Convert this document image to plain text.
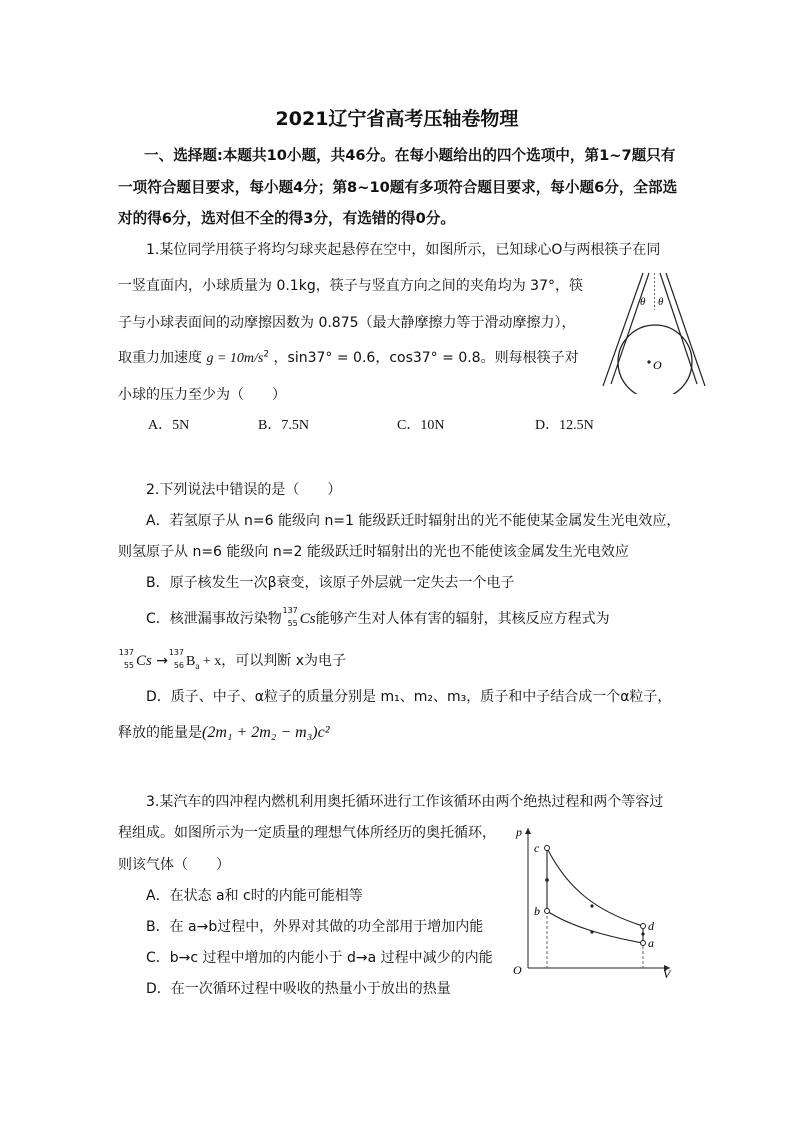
2021辽宁省高考压轴卷物理
一、选择题:本题共10小题，共46分。在每小题给出的四个选项中，第1~7题只有
一项符合题目要求，每小题4分；第8~10题有多项符合题目要求，每小题6分，全部选
对的得6分，选对但不全的得3分，有选错的得0分。
1.某位同学用筷子将均匀球夹起悬停在空中，如图所示，已知球心O与两根筷子在同
一竖直面内，小球质量为 0.1kg，筷子与竖直方向之间的夹角均为 37°，筷
子与小球表面间的动摩擦因数为 0.875（最大静摩擦力等于滑动摩擦力），
取重力加速度 $g = 10m/s^2$ ，sin37° = 0.6，cos37° = 0.8。则每根筷子对
小球的压力至少为（　　）
A．5N	B．7.5N	C．10N	D．12.5N
O
θ θ
2.下列说法中错误的是（　　）
A．若氢原子从 n=6 能级向 n=1 能级跃迁时辐射出的光不能使某金属发生光电效应，
则氢原子从 n=6 能级向 n=2 能级跃迁时辐射出的光也不能使该金属发生光电效应
B．原子核发生一次β衰变，该原子外层就一定失去一个电子
C．核泄漏事故污染物
137
55 Cs能够产生对人体有害的辐射，其核反应方程式为
137
55 Cs →
137
56 $B_a + x$，可以判断 x为电子
D．质子、中子、α粒子的质量分别是 m₁、m₂、m₃，质子和中子结合成一个α粒子，
释放的能量是(2m₁ + 2m₂ − m₃)c²
3.某汽车的四冲程内燃机利用奥托循环进行工作该循环由两个绝热过程和两个等容过
程组成。如图所示为一定质量的理想气体所经历的奥托循环，
则该气体（　　）
A．在状态 a和 c时的内能可能相等
B．在 a→b过程中，外界对其做的功全部用于增加内能
C．b→c 过程中增加的内能小于 d→a 过程中减少的内能
D．在一次循环过程中吸收的热量小于放出的热量
p
V
O
c
b
d
a
